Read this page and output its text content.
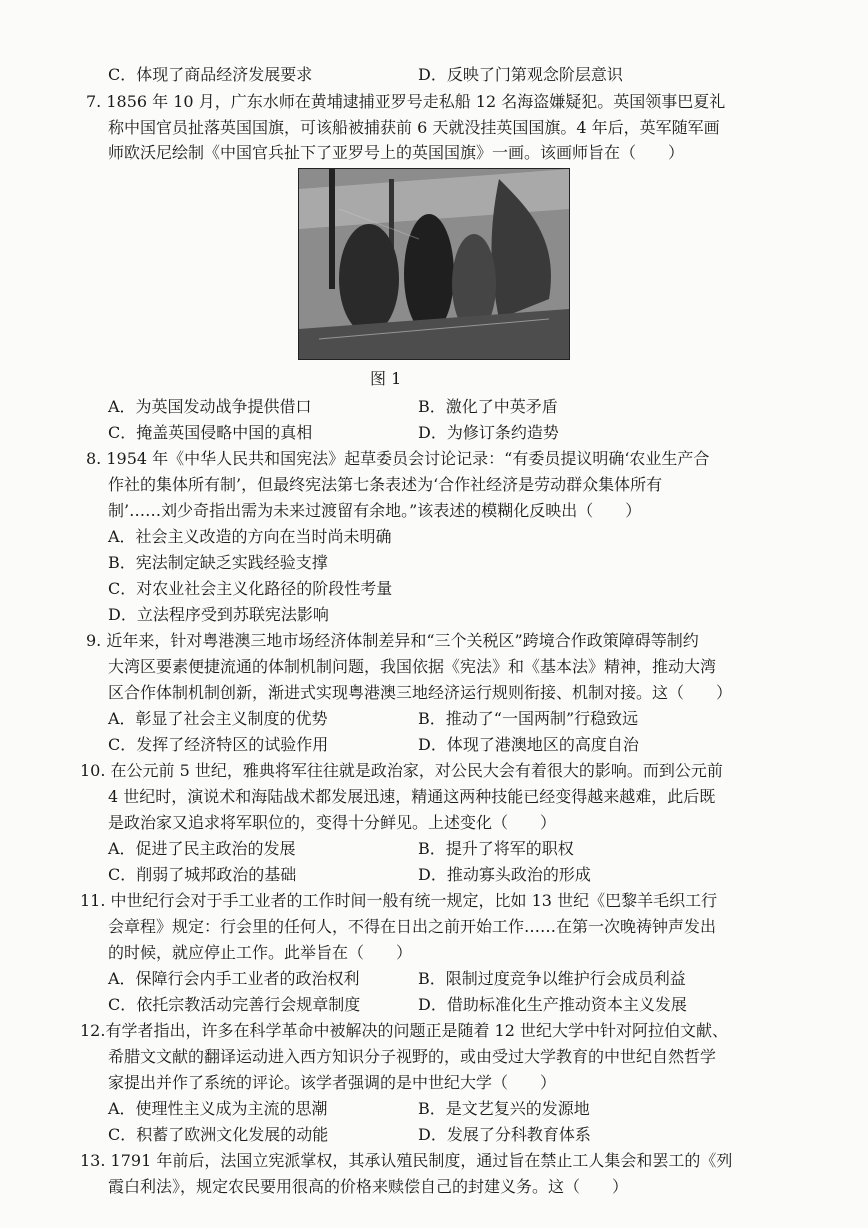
C．体现了商品经济发展要求	D．反映了门第观念阶层意识
7. 1856 年 10 月，广东水师在黄埔逮捕亚罗号走私船 12 名海盗嫌疑犯。英国领事巴夏礼
称中国官员扯落英国国旗，可该船被捕获前 6 天就没挂英国国旗。4 年后，英军随军画
师欧沃尼绘制《中国官兵扯下了亚罗号上的英国国旗》一画。该画师旨在（　　）
图 1
A．为英国发动战争提供借口	B．激化了中英矛盾
C．掩盖英国侵略中国的真相	D．为修订条约造势
8. 1954 年《中华人民共和国宪法》起草委员会讨论记录：“有委员提议明确‘农业生产合
作社的集体所有制’，但最终宪法第七条表述为‘合作社经济是劳动群众集体所有
制’……刘少奇指出需为未来过渡留有余地。”该表述的模糊化反映出（　　）
A．社会主义改造的方向在当时尚未明确
B．宪法制定缺乏实践经验支撑
C．对农业社会主义化路径的阶段性考量
D．立法程序受到苏联宪法影响
9. 近年来，针对粤港澳三地市场经济体制差异和“三个关税区”跨境合作政策障碍等制约
大湾区要素便捷流通的体制机制问题，我国依据《宪法》和《基本法》精神，推动大湾
区合作体制机制创新，渐进式实现粤港澳三地经济运行规则衔接、机制对接。这（　　）
A．彰显了社会主义制度的优势	B．推动了“一国两制”行稳致远
C．发挥了经济特区的试验作用	D．体现了港澳地区的高度自治
10. 在公元前 5 世纪，雅典将军往往就是政治家，对公民大会有着很大的影响。而到公元前
4 世纪时，演说术和海陆战术都发展迅速，精通这两种技能已经变得越来越难，此后既
是政治家又追求将军职位的，变得十分鲜见。上述变化（　　）
A．促进了民主政治的发展	B．提升了将军的职权
C．削弱了城邦政治的基础	D．推动寡头政治的形成
11. 中世纪行会对于手工业者的工作时间一般有统一规定，比如 13 世纪《巴黎羊毛织工行
会章程》规定：行会里的任何人，不得在日出之前开始工作……在第一次晚祷钟声发出
的时候，就应停止工作。此举旨在（　　）
A．保障行会内手工业者的政治权利	B．限制过度竞争以维护行会成员利益
C．依托宗教活动完善行会规章制度	D．借助标准化生产推动资本主义发展
12.有学者指出，许多在科学革命中被解决的问题正是随着 12 世纪大学中针对阿拉伯文献、
希腊文文献的翻译运动进入西方知识分子视野的，或由受过大学教育的中世纪自然哲学
家提出并作了系统的评论。该学者强调的是中世纪大学（　　）
A．使理性主义成为主流的思潮	B．是文艺复兴的发源地
C．积蓄了欧洲文化发展的动能	D．发展了分科教育体系
13. 1791 年前后，法国立宪派掌权，其承认殖民制度，通过旨在禁止工人集会和罢工的《列
霞白利法》，规定农民要用很高的价格来赎偿自己的封建义务。这（　　）
